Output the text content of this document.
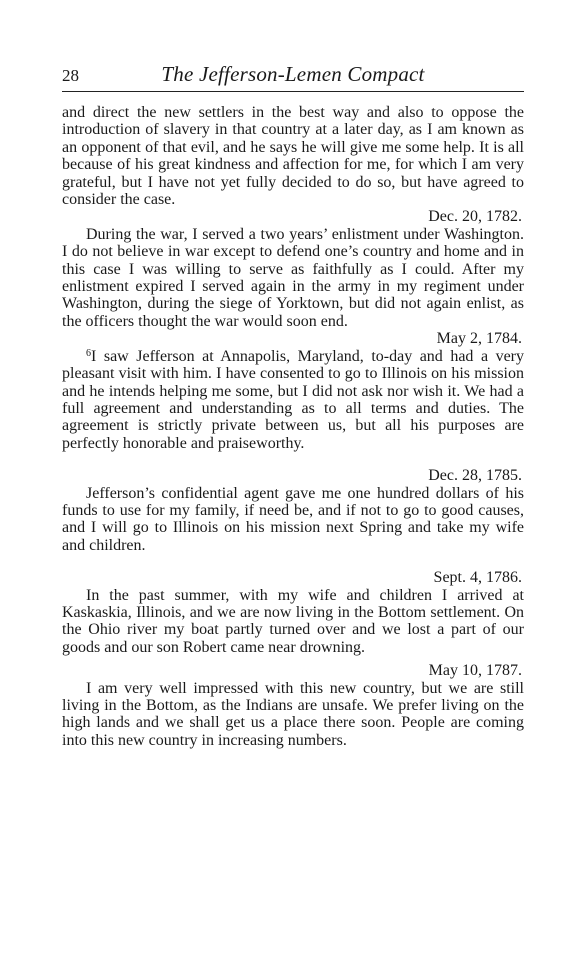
28	The Jefferson-Lemen Compact

and direct the new settlers in the best way and also to oppose the introduction of slavery in that country at a later day, as I am known as an opponent of that evil, and he says he will give me some help. It is all because of his great kindness and affection for me, for which I am very grateful, but I have not yet fully decided to do so, but have agreed to consider the case.

Dec. 20, 1782.

During the war, I served a two years’ enlistment under Washington. I do not believe in war except to defend one’s country and home and in this case I was willing to serve as faithfully as I could. After my enlistment expired I served again in the army in my regiment under Washington, during the siege of Yorktown, but did not again enlist, as the officers thought the war would soon end.

May 2, 1784.

$^6$I saw Jefferson at Annapolis, Maryland, to-day and had a very pleasant visit with him. I have consented to go to Illinois on his mission and he intends helping me some, but I did not ask nor wish it. We had a full agreement and understanding as to all terms and duties. The agreement is strictly private between us, but all his purposes are perfectly honorable and praiseworthy.

Dec. 28, 1785.

Jefferson’s confidential agent gave me one hundred dollars of his funds to use for my family, if need be, and if not to go to good causes, and I will go to Illinois on his mission next Spring and take my wife and children.

Sept. 4, 1786.

In the past summer, with my wife and children I arrived at Kaskaskia, Illinois, and we are now living in the Bottom settlement. On the Ohio river my boat partly turned over and we lost a part of our goods and our son Robert came near drowning.

May 10, 1787.

I am very well impressed with this new country, but we are still living in the Bottom, as the Indians are unsafe. We prefer living on the high lands and we shall get us a place there soon. People are coming into this new country in increasing numbers.
